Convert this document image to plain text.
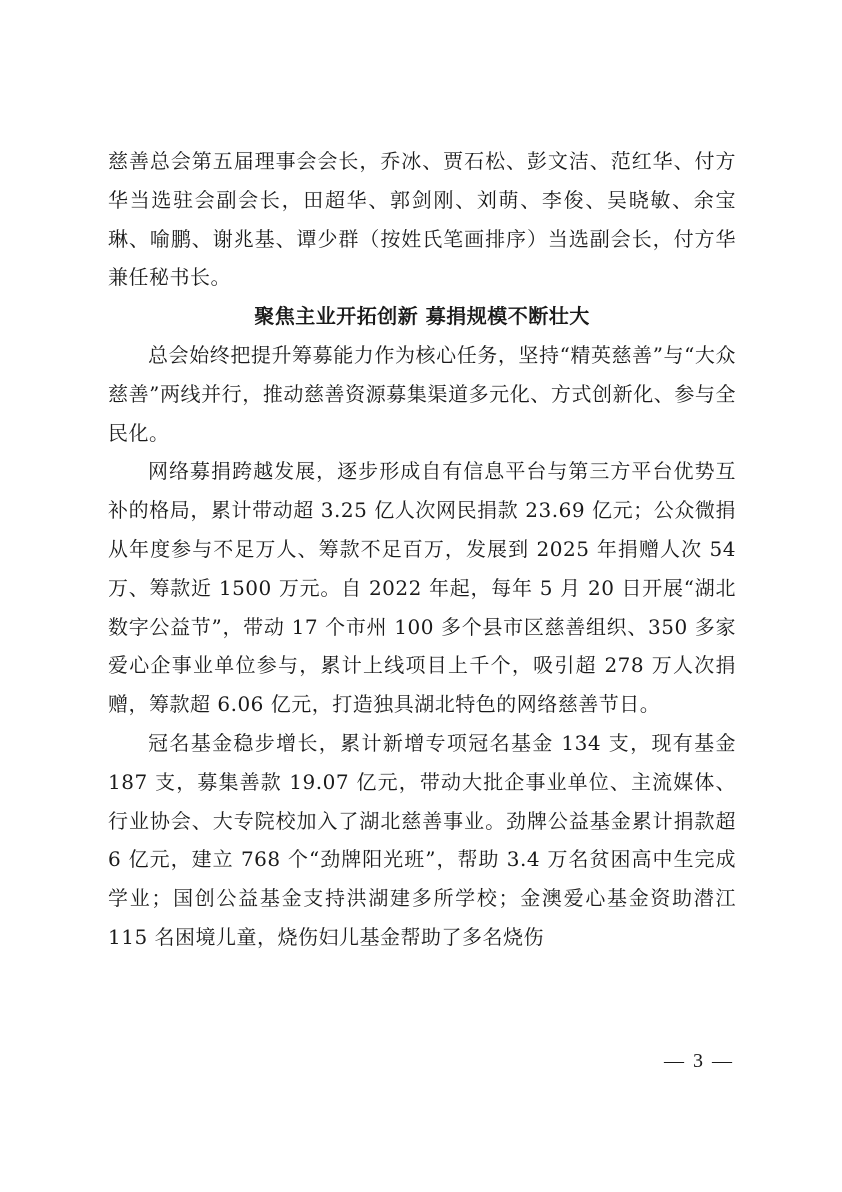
慈善总会第五届理事会会长，乔冰、贾石松、彭文洁、范红华、付方华当选驻会副会长，田超华、郭剑刚、刘萌、李俊、吴晓敏、余宝琳、喻鹏、谢兆基、谭少群（按姓氏笔画排序）当选副会长，付方华兼任秘书长。

聚焦主业开拓创新 募捐规模不断壮大

总会始终把提升筹募能力作为核心任务，坚持“精英慈善”与“大众慈善”两线并行，推动慈善资源募集渠道多元化、方式创新化、参与全民化。

网络募捐跨越发展，逐步形成自有信息平台与第三方平台优势互补的格局，累计带动超 3.25 亿人次网民捐款 23.69 亿元；公众微捐从年度参与不足万人、筹款不足百万，发展到 2025 年捐赠人次 54 万、筹款近 1500 万元。自 2022 年起，每年 5 月 20 日开展“湖北数字公益节”，带动 17 个市州 100 多个县市区慈善组织、350 多家爱心企事业单位参与，累计上线项目上千个，吸引超 278 万人次捐赠，筹款超 6.06 亿元，打造独具湖北特色的网络慈善节日。

冠名基金稳步增长，累计新增专项冠名基金 134 支，现有基金 187 支，募集善款 19.07 亿元，带动大批企事业单位、主流媒体、行业协会、大专院校加入了湖北慈善事业。劲牌公益基金累计捐款超 6 亿元，建立 768 个“劲牌阳光班”，帮助 3.4 万名贫困高中生完成学业；国创公益基金支持洪湖建多所学校；金澳爱心基金资助潜江 115 名困境儿童，烧伤妇儿基金帮助了多名烧伤

— 3 —
